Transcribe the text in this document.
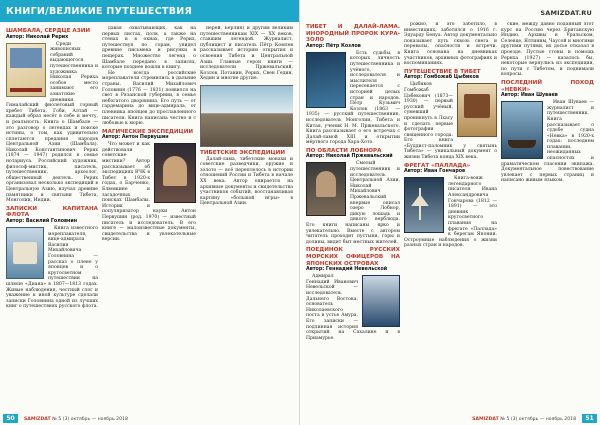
КНИГИ/ВЕЛИКИЕ ПУТЕШЕСТВИЯ
ШАМБАЛА, СЕРДЦЕ АЗИИ
Автор: Николай Рерих
Среди живописных собраний выдающегося путешественника и художника Николая Рериха особое место занимают его азиатские дневники. Гималайский фиолетовый горный хребет Тибета, Гоби, Алтай — каждый образ несёт в себе и мечту, и реальность. Книга о Шамбале — это разговор о легендах и поиске истины, о том, как удивительно сплетаются предания народов Центральной Азии (Шамбала). Николай Константинович Рерих (1874 — 1947) родился в семье нотариуса. Российский художник, философ-мистик, писатель, путешественник, археолог, общественный деятель. Рерих организовал несколько экспедиций в Центральную Азию, изучал древние памятники и святыни Тибета, Монголии, Индии.
ЗАПИСКИ КАПИТАНА ФЛОТА
Автор: Василий Головнин
Книга известного мореплавателя, вице-адмирала Василия Михайловича Головнина — рассказ о плене у японцев и о кругосветном путешествии на шлюпе «Диана» в 1807—1813 годах. Живые наблюдения, честный слог и уважение к иной культуре сделали записки Головнина одной из лучших книг о путешествиях русского флота.
давая охватывающих, как на первых листах, поля, а также на стенах и в окнах, где Рерих, путешествуя по горам, увидел древние письмена и рисунки в пещерах. Множество легенд о Шамбале передано в записях, которые позднее вошли в книгу.
Не всегда российские мореплаватели стремились в дальние страны. Василий Михайлович Головнин (1776 — 1831) появился на свет в Рязанской губернии, в семье небогатого дворянина. Его путь — от гардемарина до вице-адмирала, от пленника японцев до прославленного писателя. Книга написана честно и с любовью к морю.
МАГИЧЕСКИЕ ЭКСПЕДИЦИИ
Автор: Антон Первушин
Что может и как действовали советские мистики? Автор рассказывает об экспедициях ВЧК в Тибет в 1920-х годах, о Барченко, Блюмкине и загадочных поисках Шамбалы. Историк и популяризатор науки Антон Первушин (род. 1970) — известный писатель и исследователь. В его книге — малоизвестные документы, свидетельства и увлекательные версии.
нерей, Берлин) и другим великим путешественникам XIX — XX веков, ставшим легендой. Журналист, публицист и писатель Пётр Комлев рассказывает историю открытия и освоения Тибета и Центральной Азии. Главные герои книги — исследователи Пржевальский, Козлов, Потанин, Рерих, Свен Гедин, Хедин и многие другие.
ТИБЕТСКИЕ ЭКСПЕДИЦИИ
Далай-лама, тибетские монахи и советские разведчики, оружие и золото — всё переплелось в истории отношений России и Тибета в начале XX века. Автор опирается на архивные документы и свидетельства участников событий, восстанавливая картину «большой игры» в Центральной Азии.
50	SAMIZDAT № 5 (3) октябрь — ноябрь 2018
SAMIZDAT.RU
ТИБЕТ И ДАЛАЙ-ЛАМА. ИНОРОДНЫЙ ПРОРОК КУРА-ЗОЛО
Автор: Пётр Козлов
Есть судьбы, в которых личность путешественника и учёного, исследователя и мыслителя пересекается с историей целых стран и народов. Пётр Кузьмич Козлов (1863 — 1935) — русский путешественник, исследователь Монголии, Тибета и Китая, ученик Н. М. Пржевальского. Книга рассказывает о его встречах с Далай-ламой XIII и открытии мёртвого города Хара-Хото.
ПО ОБЛАСТИ ЛОБНОРА
Автор: Николай Пржевальский
Смелый путешественник и исследователь Центральной Азии, Николай Михайлович Пржевальский впервые описал озеро Лобнор, дикую лошадь и дикого верблюда. Его книги написаны ярко и увлекательно. Вместе с автором читатель проходит пустыни, горы и долины, видит быт местных жителей.
ПОЕДИНОК РУССКИХ МОРСКИХ ОФИЦЕРОВ НА ЯПОНСКИХ ОСТРОВАХ
Автор: Геннадий Невельской
Адмирал Геннадий Иванович Невельской — исследователь Дальнего Востока, основатель Николаевского поста в устье Амура. Его записки — подлинная история открытий на Сахалине и в Приамурье.
рожно, и это заботило, в инвестициях, заботился о 1916 г. Эдуарду Бенуа. Автор документально показывает путь сквозь снега и перевалы, опасности и встречи. Книга основана на дневниках участников, архивных фотографиях и воспоминаниях.
ПУТЕШЕСТВИЕ В ТИБЕТ
Автор: Гомбожаб Цыбиков
Цыбиков Гомбожаб Цэбекович (1873—1930) — первый русский учёный, сумевший проникнуть в Лхасу и сделать первые фотографии священного города. Его книга «Буддист-паломник у святынь Тибета» — уникальный документ о жизни Тибета конца XIX века.
ФРЕГАТ «ПАЛЛАДА»
Автор: Иван Гончаров
Книга-вояж легендарного писателя Ивана Александровича Гончарова (1812 — 1891) — это дневник кругосветного плавания на фрегате «Паллада» к берегам Японии. Остроумные наблюдения о жизни разных стран и народов.
ские, между давно поданный этот курс на Россию через Британскую Индию. Архивы и Уральском, Селевце, Ялтиним, Чаусой и многими другими путями, их досье отказал в проезде. Пустые стоны и помощь Рериха (1927) — казалось бы, некоторые вернулись из экспедиции, по пути с Тибетом, и поднимали вопросы.
ПОСЛЕДНИЙ ПОХОД «НЕВКИ»
Автор: Иван Шуваев
Иван Шуваев — журналист и путешественник. Книга рассказывает о судьбе судна «Невка» в 1920-х годах: последнем плавании, неожиданных опасностях и драматическом спасении экипажа. Документальное повествование увлекает с первых страниц и написано живым языком.
SAMIZDAT № 5 (3) октябрь — ноябрь 2018	51
